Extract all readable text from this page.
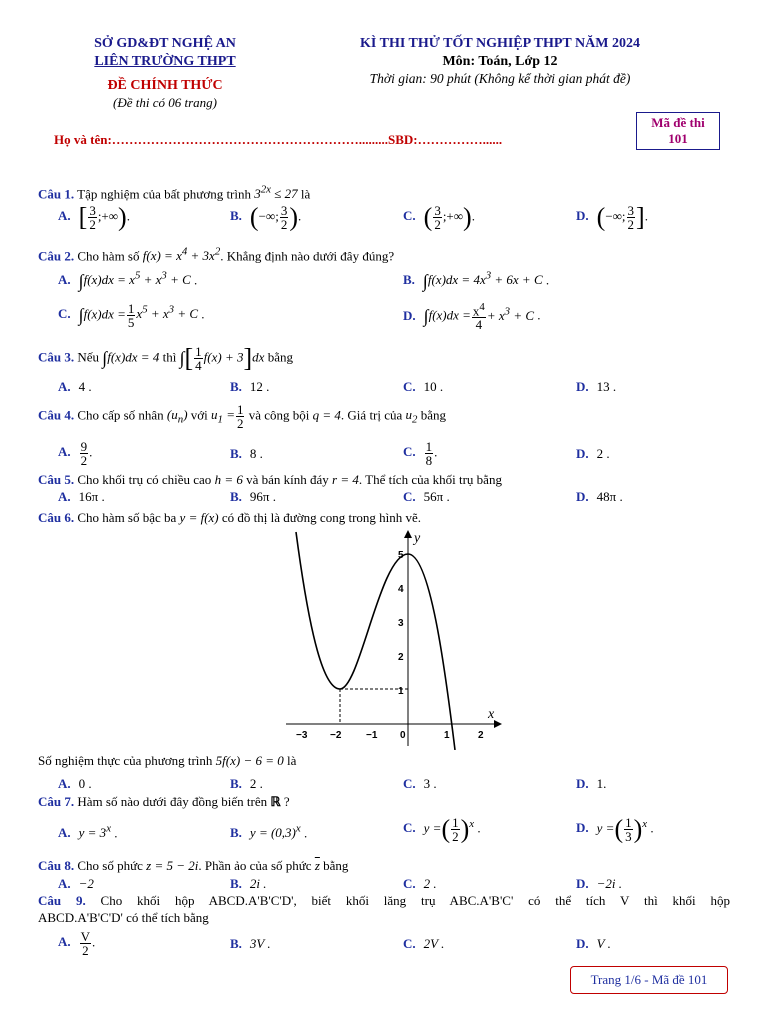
SỞ GD&ĐT NGHỆ AN
LIÊN TRƯỜNG THPT
ĐỀ CHÍNH THỨC
(Đề thi có 06 trang)
KÌ THI THỬ TỐT NGHIỆP THPT NĂM 2024
Môn: Toán, Lớp 12
Thời gian: 90 phút (Không kể thời gian phát đề)
Mã đề thi
101
Họ và tên:………………………………………………….........SBD:……………......
Câu 1. Tập nghiệm của bất phương trình $3^{2x} \le 27$ là
A. [ $\frac{3}{2}$ ;+∞).	B. (−∞; $\frac{3}{2}$ ).	C. ( $\frac{3}{2}$ ;+∞).	D. (−∞; $\frac{3}{2}$ ].
Câu 2. Cho hàm số $f(x) = x^4 + 3x^2$. Khẳng định nào dưới đây đúng?
A. $\int f(x)dx = x^5 + x^3 + C$ .	B. $\int f(x)dx = 4x^3 + 6x + C$ .
C. $\int f(x)dx = \frac{1}{5} x^5 + x^3 + C$ .	D. $\int f(x)dx = \frac{x^4}{4} + x^3 + C$ .
Câu 3. Nếu ∫f(x)dx = 4 thì ∫[ $\frac{1}{4} f(x) + 3]dx$ bằng
A. 4 .	B. 12 .	C. 10 .	D. 13 .
Câu 4. Cho cấp số nhân $(u_n)$ với $u_1 = \frac{1}{2}$ và công bội q = 4. Giá trị của $u_2$ bằng
A. $\frac{9}{2}$ .	B. 8 .	C. $\frac{1}{8}$ .	D. 2 .
Câu 5. Cho khối trụ có chiều cao h = 6 và bán kính đáy r = 4. Thể tích của khối trụ bằng
A. 16π .	B. 96π .	C. 56π .	D. 48π .
Câu 6. Cho hàm số bậc ba y = f(x) có đồ thị là đường cong trong hình vẽ.
x
y
−3 −2 −1 0	1	2
1
2
3
4
5
Số nghiệm thực của phương trình 5f(x) − 6 = 0 là
A. 0 .	B. 2 .	C. 3 .	D. 1.
Câu 7. Hàm số nào dưới đây đồng biến trên ℝ ?
A. $y = 3^x$ .	B. $y = (0,3)^x$ .	C. y =( $\frac{1}{2} )^x$ .	D. y =( $\frac{1}{3} )^x$ .
Câu 8. Cho số phức z = 5 − 2i. Phần ảo của số phức $\overline{z}$ bằng
A. −2	B. 2i .	C. 2 .	D. −2i .
Câu 9. Cho khối hộp ABCD.A'B'C'D', biết khối lăng trụ ABC.A'B'C' có thể tích V thì khối hộp
ABCD.A'B'C'D' có thể tích bằng
A. $\frac{V}{2}$ .	B. 3V .	C. 2V .	D. V .
Trang 1/6 - Mã đề 101
